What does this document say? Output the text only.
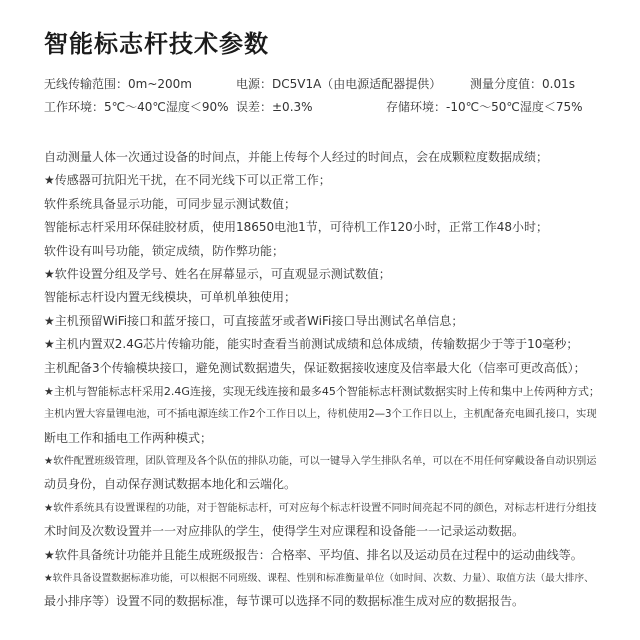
智能标志杆技术参数
无线传输范围：0m~200m	电源：DC5V1A（由电源适配器提供） 测量分度值：0.01s
工作环境：5℃～40℃湿度＜90% 误差：±0.3%	存储环境：-10℃～50℃湿度＜75%
自动测量人体一次通过设备的时间点，并能上传每个人经过的时间点，会在成颗粒度数据成绩；
★传感器可抗阳光干扰，在不同光线下可以正常工作；
软件系统具备显示功能，可同步显示测试数值；
智能标志杆采用环保硅胶材质，使用18650电池1节，可待机工作120小时，正常工作48小时；
软件设有叫号功能，锁定成绩，防作弊功能；
★软件设置分组及学号、姓名在屏幕显示，可直观显示测试数值；
智能标志杆设内置无线模块，可单机单独使用；
★主机预留WiFi接口和蓝牙接口，可直接蓝牙或者WiFi接口导出测试名单信息；
★主机内置双2.4G芯片传输功能，能实时查看当前测试成绩和总体成绩，传输数据少于等于10毫秒；
主机配备3个传输模块接口，避免测试数据遗失，保证数据接收速度及信率最大化（信率可更改高低）；
★主机与智能标志杆采用2.4G连接，实现无线连接和最多45个智能标志杆测试数据实时上传和集中上传两种方式；
主机内置大容量锂电池，可不插电源连续工作2个工作日以上，待机使用2—3个工作日以上，主机配备充电圆孔接口，实现
断电工作和插电工作两种模式；
★软件配置班级管理，团队管理及各个队伍的排队功能，可以一键导入学生排队名单，可以在不用任何穿戴设备自动识别运
动员身份，自动保存测试数据本地化和云端化。
★软件系统具有设置课程的功能，对于智能标志杆，可对应每个标志杆设置不同时间亮起不同的颜色，对标志杆进行分组技
术时间及次数设置并一一对应排队的学生，使得学生对应课程和设备能一一记录运动数据。
★软件具备统计功能并且能生成班级报告：合格率、平均值、排名以及运动员在过程中的运动曲线等。
★软件具备设置数据标准功能，可以根据不同班级、课程、性别和标准衡量单位（如时间、次数、力量）、取值方法（最大排序、
最小排序等）设置不同的数据标准，每节课可以选择不同的数据标准生成对应的数据报告。
